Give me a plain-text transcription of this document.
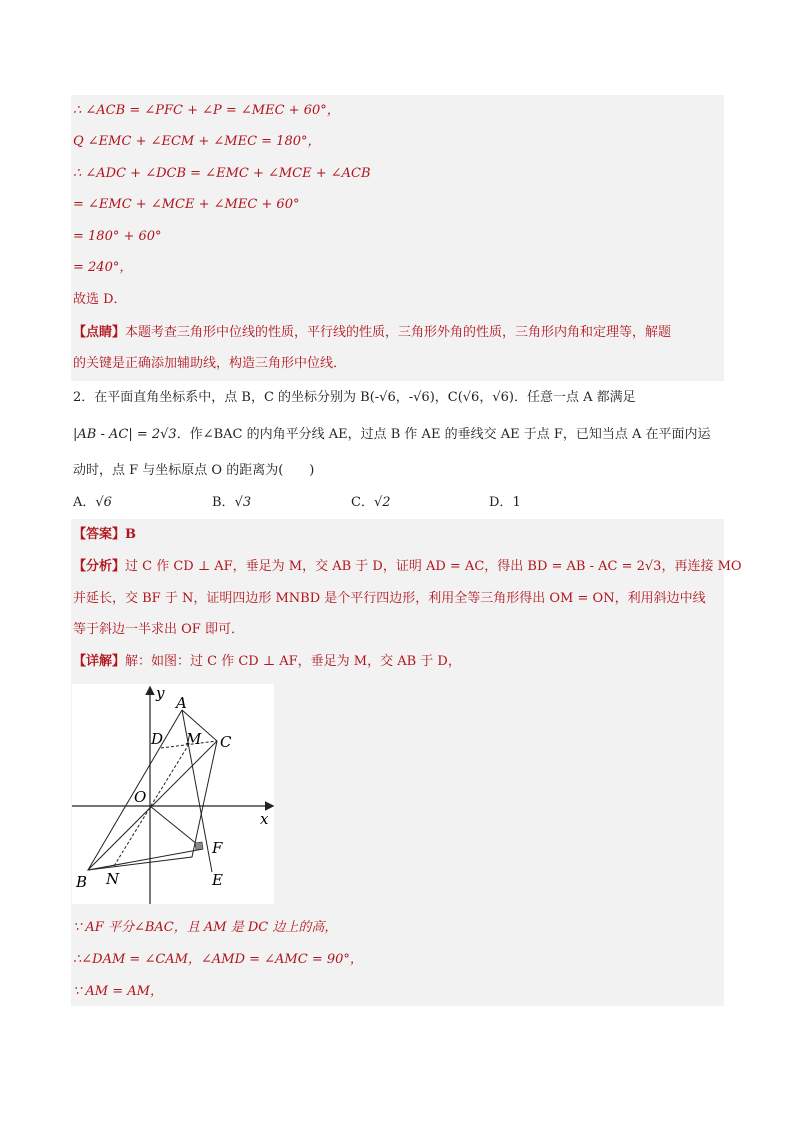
∴ ∠ACB = ∠PFC + ∠P = ∠MEC + 60°，
Q ∠EMC + ∠ECM + ∠MEC = 180°，
∴ ∠ADC + ∠DCB = ∠EMC + ∠MCE + ∠ACB
= ∠EMC + ∠MCE + ∠MEC + 60°
= 180° + 60°
= 240°，
故选 D．
【点睛】本题考查三角形中位线的性质，平行线的性质，三角形外角的性质，三角形内角和定理等，解题
的关键是正确添加辅助线，构造三角形中位线．
2．在平面直角坐标系中，点 B，C 的坐标分别为 B(-√6，-√6)，C(√6，√6)．任意一点 A 都满足
|AB - AC| = 2√3．作∠BAC 的内角平分线 AE，过点 B 作 AE 的垂线交 AE 于点 F，已知当点 A 在平面内运
动时，点 F 与坐标原点 O 的距离为(　　)
A．√6	B．√3	C．√2	D．1
【答案】B
【分析】过 C 作 CD ⊥ AF，垂足为 M，交 AB 于 D，证明 AD = AC，得出 BD = AB - AC = 2√3，再连接 MO
并延长，交 BF 于 N，证明四边形 MNBD 是个平行四边形，利用全等三角形得出 OM = ON，利用斜边中线
等于斜边一半求出 OF 即可．
【详解】解：如图：过 C 作 CD ⊥ AF，垂足为 M，交 AB 于 D，
y
x
A
D M C
O
F
B N	E
∵ AF 平分∠BAC，且 AM 是 DC 边上的高，
∴∠DAM = ∠CAM，∠AMD = ∠AMC = 90°，
∵ AM = AM，
